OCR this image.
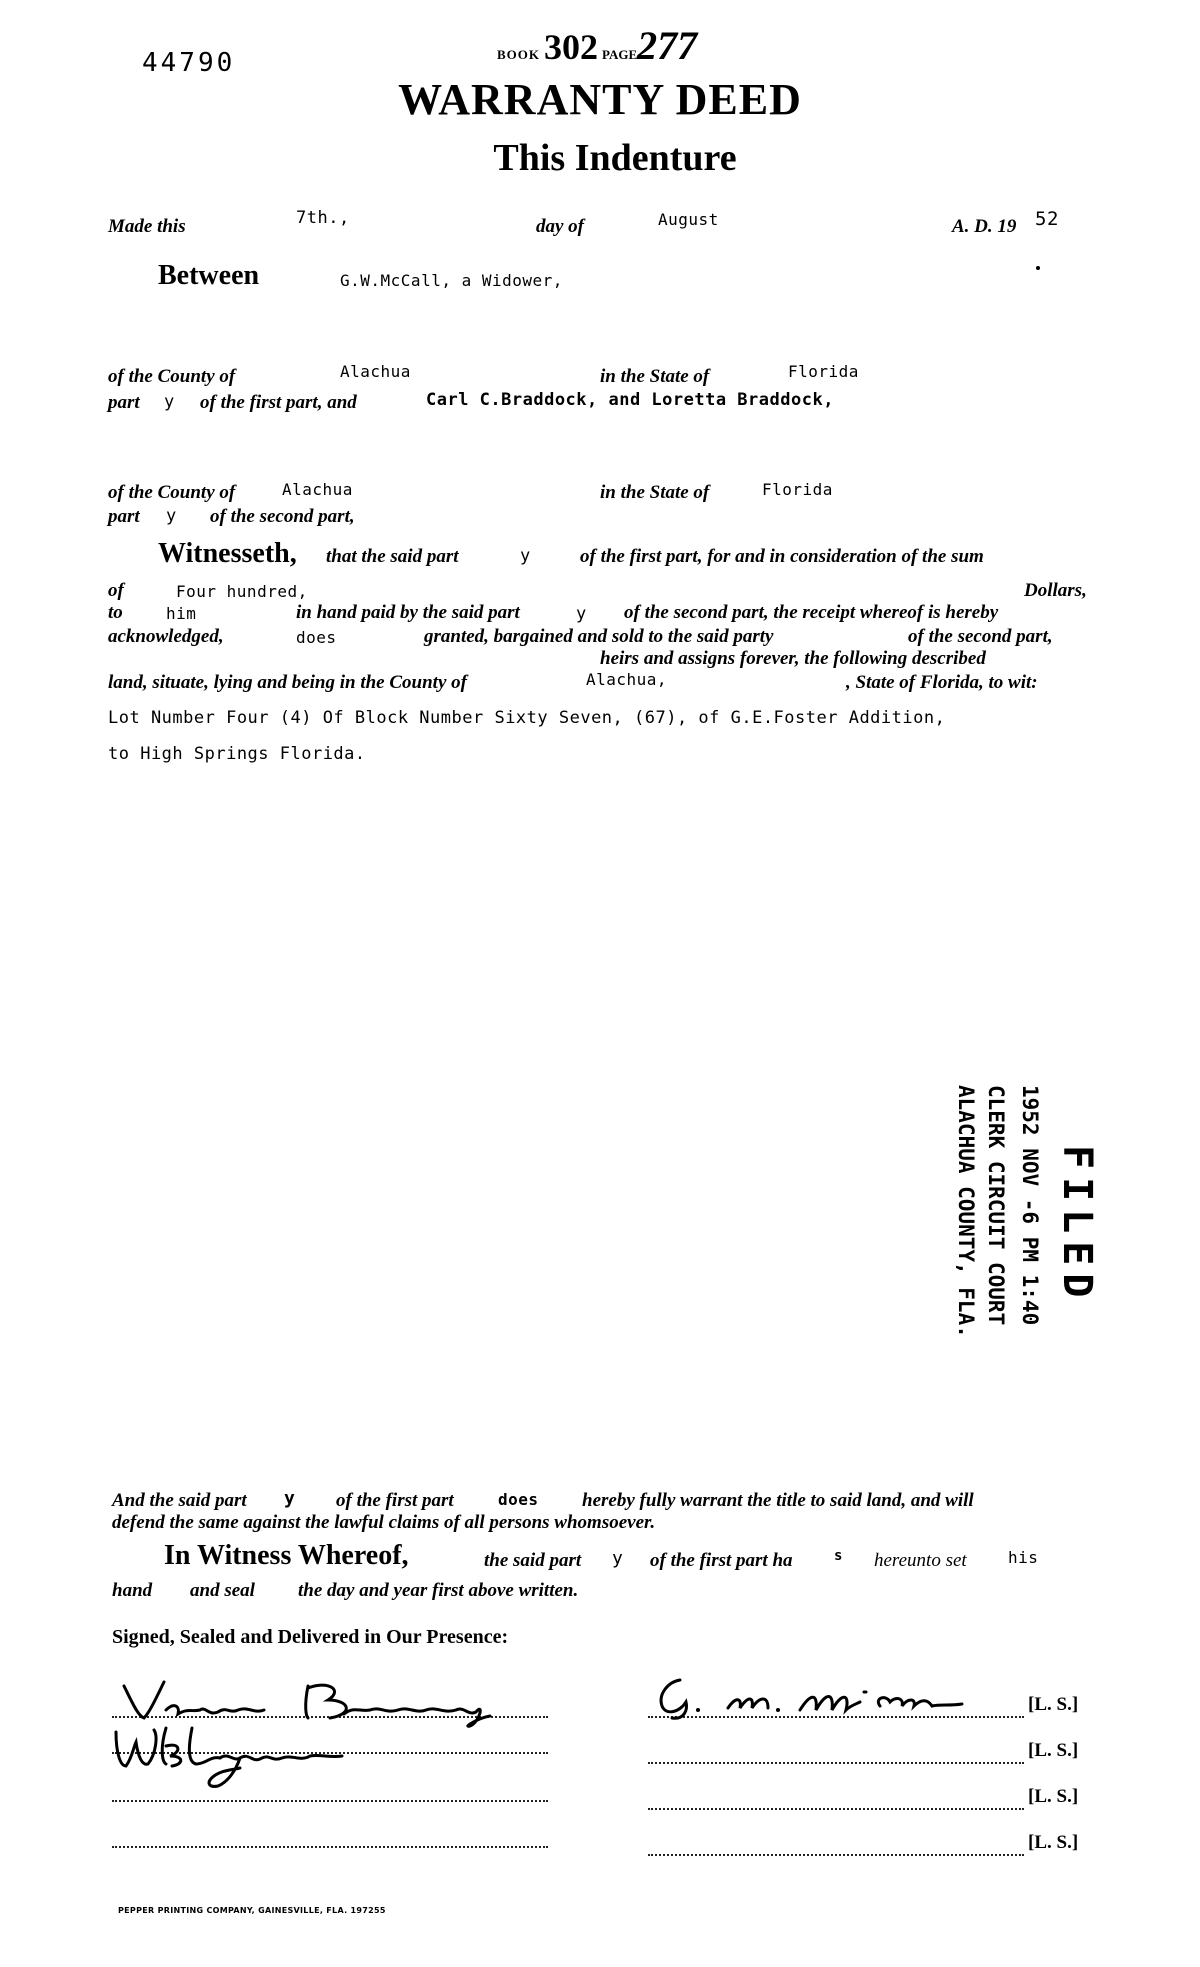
44790	BOOK 302 PAGE277
WARRANTY DEED
This Indenture
Made this	7th.,	day of	August	A. D. 19 52
Between	G.W.McCall, a Widower,
of the County of	Alachua	in the State of	Florida
part y of the first part, and	Carl C.Braddock, and Loretta Braddock,
of the County of	Alachua	in the State of	Florida
part y of the second part,
Witnesseth, that the said part	y	of the first part, for and in consideration of the sum
of	Four hundred,	Dollars,
to	him	in hand paid by the said part	y of the second part, the receipt whereof is hereby
acknowledged,	does	granted, bargained and sold to the said party	of the second part,
heirs and assigns forever, the following described
land, situate, lying and being in the County of	Alachua,	, State of Florida, to wit:
Lot Number Four (4) Of Block Number Sixty Seven, (67), of G.E.Foster Addition,
to High Springs Florida.
FILED
1952 NOV -6 PM 1:40
CLERK CIRCUIT COURT
ALACHUA COUNTY, FLA.
And the said part y of the first part	does hereby fully warrant the title to said land, and will
defend the same against the lawful claims of all persons whomsoever.
In Witness Whereof,	the said part y of the first part ha	s hereunto set	his
hand and seal the day and year first above written.
Signed, Sealed and Delivered in Our Presence:
[L. S.]
[L. S.]
[L. S.]
[L. S.]
PEPPER PRINTING COMPANY, GAINESVILLE, FLA. 197255
